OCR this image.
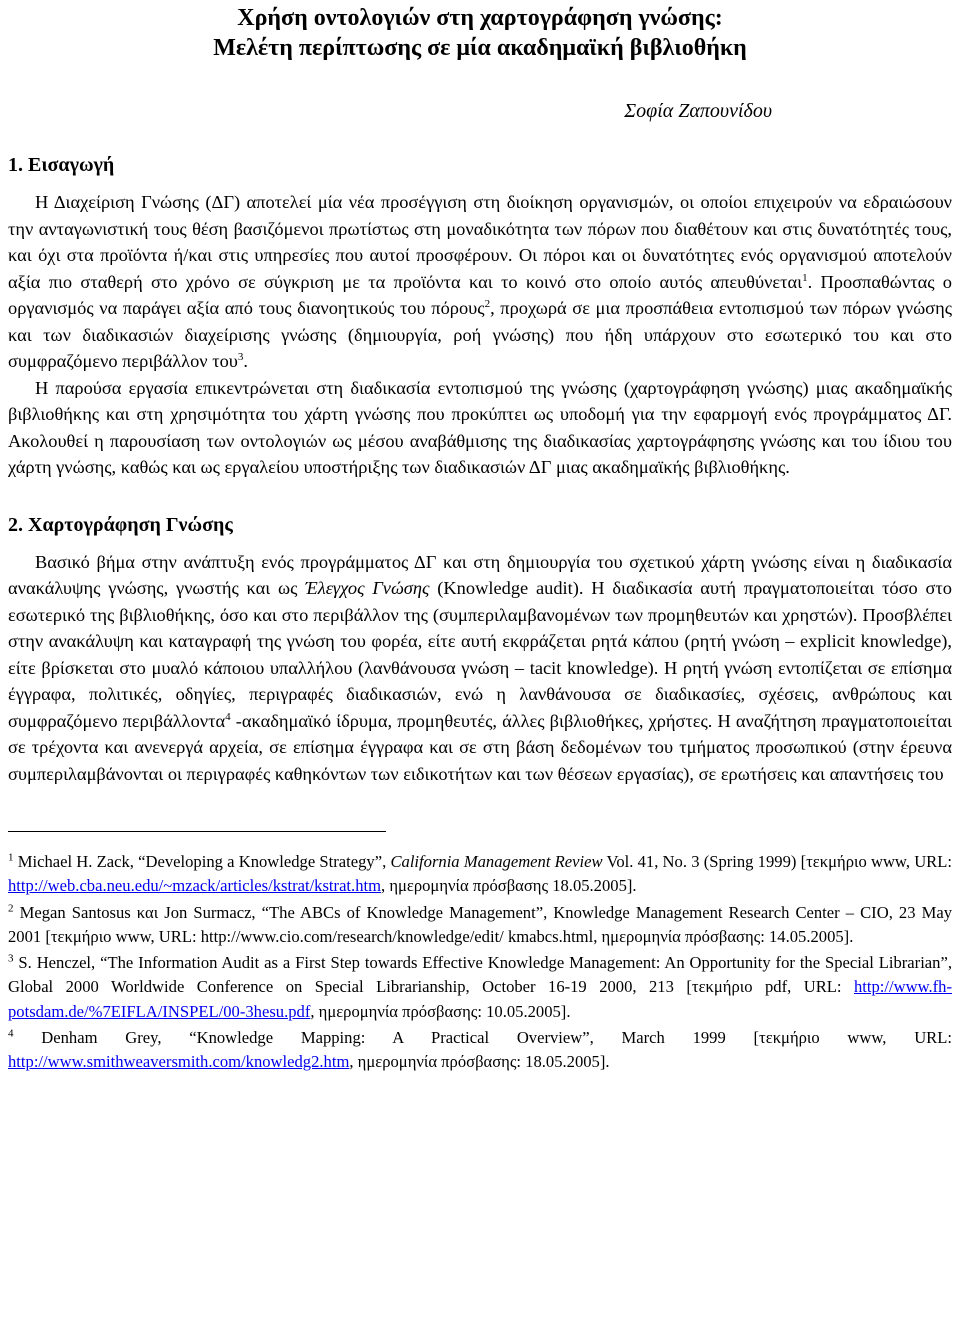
Χρήση οντολογιών στη χαρτογράφηση γνώσης:
Μελέτη περίπτωσης σε μία ακαδημαϊκή βιβλιοθήκη
Σοφία Ζαπουνίδου
1. Εισαγωγή

Η Διαχείριση Γνώσης (ΔΓ) αποτελεί μία νέα προσέγγιση στη διοίκηση οργανισμών, οι οποίοι επιχειρούν να εδραιώσουν την ανταγωνιστική τους θέση βασιζόμενοι πρωτίστως στη μοναδικότητα των πόρων που διαθέτουν και στις δυνατότητές τους, και όχι στα προϊόντα ή/και στις υπηρεσίες που αυτοί προσφέρουν. Οι πόροι και οι δυνατότητες ενός οργανισμού αποτελούν αξία πιο σταθερή στο χρόνο σε σύγκριση με τα προϊόντα και το κοινό στο οποίο αυτός απευθύνεται$^1$. Προσπαθώντας ο οργανισμός να παράγει αξία από τους διανοητικούς του πόρους$^2$, προχωρά σε μια προσπάθεια εντοπισμού των πόρων γνώσης και των διαδικασιών διαχείρισης γνώσης (δημιουργία, ροή γνώσης) που ήδη υπάρχουν στο εσωτερικό του και στο συμφραζόμενο περιβάλλον του$^3$.

Η παρούσα εργασία επικεντρώνεται στη διαδικασία εντοπισμού της γνώσης (χαρτογράφηση γνώσης) μιας ακαδημαϊκής βιβλιοθήκης και στη χρησιμότητα του χάρτη γνώσης που προκύπτει ως υποδομή για την εφαρμογή ενός προγράμματος ΔΓ. Ακολουθεί η παρουσίαση των οντολογιών ως μέσου αναβάθμισης της διαδικασίας χαρτογράφησης γνώσης και του ίδιου του χάρτη γνώσης, καθώς και ως εργαλείου υποστήριξης των διαδικασιών ΔΓ μιας ακαδημαϊκής βιβλιοθήκης.

2. Χαρτογράφηση Γνώσης

Βασικό βήμα στην ανάπτυξη ενός προγράμματος ΔΓ και στη δημιουργία του σχετικού χάρτη γνώσης είναι η διαδικασία ανακάλυψης γνώσης, γνωστής και ως Έλεγχος Γνώσης (Knowledge audit). Η διαδικασία αυτή πραγματοποιείται τόσο στο εσωτερικό της βιβλιοθήκης, όσο και στο περιβάλλον της (συμπεριλαμβανομένων των προμηθευτών και χρηστών). Προσβλέπει στην ανακάλυψη και καταγραφή της γνώση του φορέα, είτε αυτή εκφράζεται ρητά κάπου (ρητή γνώση – explicit knowledge), είτε βρίσκεται στο μυαλό κάποιου υπαλλήλου (λανθάνουσα γνώση – tacit knowledge). Η ρητή γνώση εντοπίζεται σε επίσημα έγγραφα, πολιτικές, οδηγίες, περιγραφές διαδικασιών, ενώ η λανθάνουσα σε διαδικασίες, σχέσεις, ανθρώπους και συμφραζόμενο περιβάλλοντα$^4$ -ακαδημαϊκό ίδρυμα, προμηθευτές, άλλες βιβλιοθήκες, χρήστες. Η αναζήτηση πραγματοποιείται σε τρέχοντα και ανενεργά αρχεία, σε επίσημα έγγραφα και σε στη βάση δεδομένων του τμήματος προσωπικού (στην έρευνα συμπεριλαμβάνονται οι περιγραφές καθηκόντων των ειδικοτήτων και των θέσεων εργασίας), σε ερωτήσεις και απαντήσεις του

$^1$ Michael H. Zack, “Developing a Knowledge Strategy”, California Management Review Vol. 41, No. 3 (Spring 1999) [τεκμήριο www, URL: http://web.cba.neu.edu/~mzack/articles/kstrat/kstrat.htm, ημερομηνία πρόσβασης 18.05.2005].

$^2$ Megan Santosus και Jon Surmacz, “The ABCs of Knowledge Management”, Knowledge Management Research Center – CIO, 23 May 2001 [τεκμήριο www, URL: http://www.cio.com/research/knowledge/edit/ kmabcs.html, ημερομηνία πρόσβασης: 14.05.2005].

$^3$ S. Henczel, “The Information Audit as a First Step towards Effective Knowledge Management: An Opportunity for the Special Librarian”, Global 2000 Worldwide Conference on Special Librarianship, October 16-19 2000, 213 [τεκμήριο pdf, URL: http://www.fh-potsdam.de/%7EIFLA/INSPEL/00-3hesu.pdf, ημερομηνία πρόσβασης: 10.05.2005].

$^4$ Denham Grey, “Knowledge Mapping: A Practical Overview”, March 1999 [τεκμήριο www, URL: http://www.smithweaversmith.com/knowledg2.htm, ημερομηνία πρόσβασης: 18.05.2005].
